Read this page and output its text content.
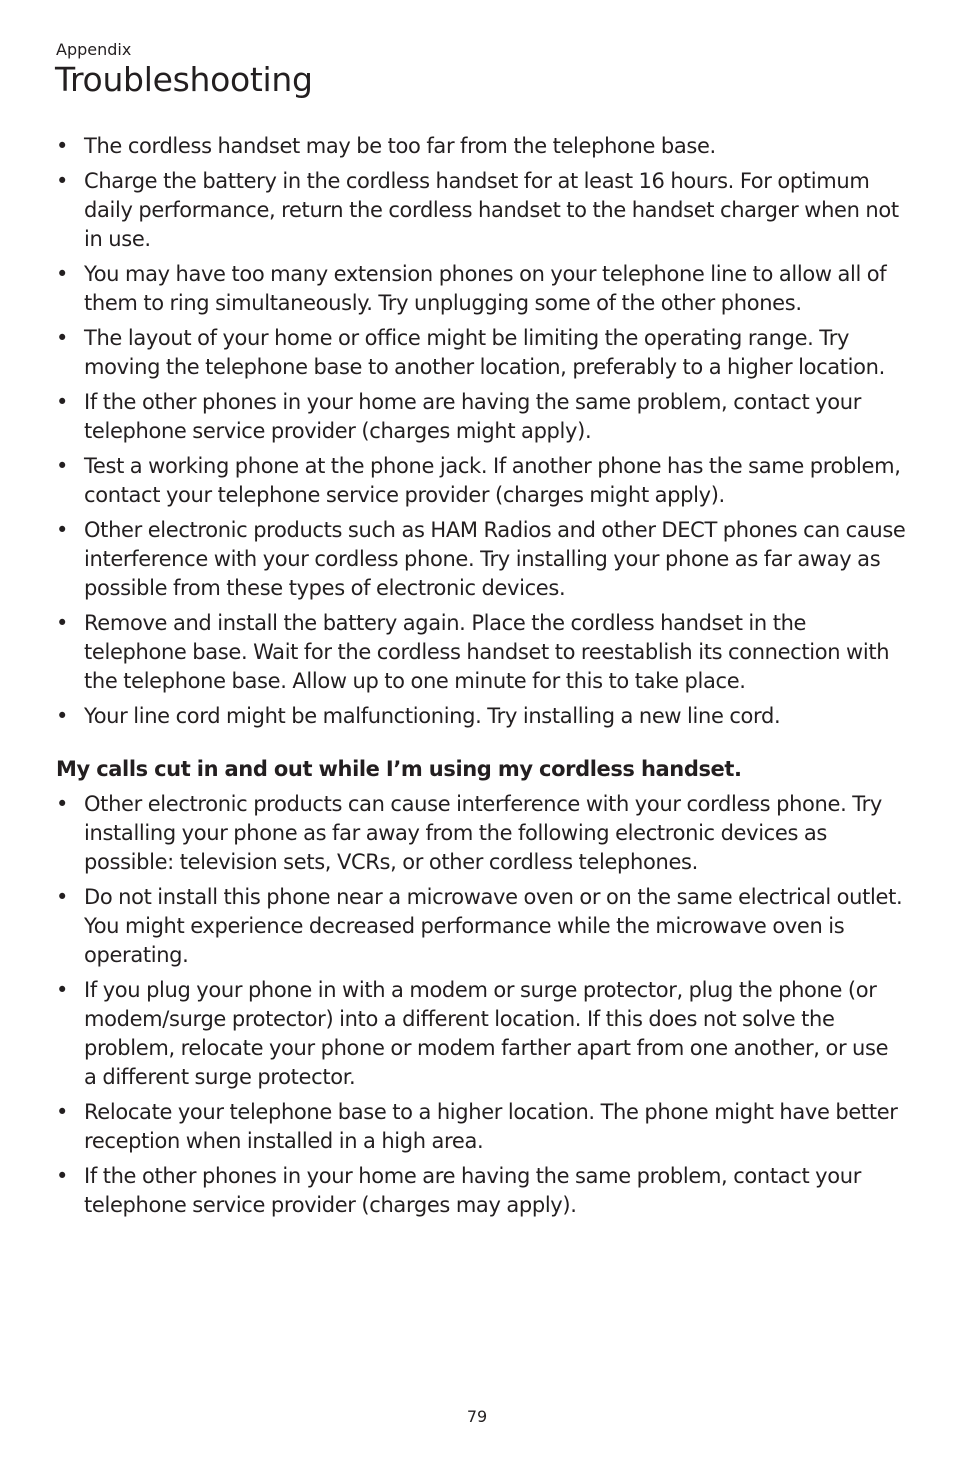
Appendix
Troubleshooting
• The cordless handset may be too far from the telephone base.
• Charge the battery in the cordless handset for at least 16 hours. For optimum daily performance, return the cordless handset to the handset charger when not in use.
• You may have too many extension phones on your telephone line to allow all of them to ring simultaneously. Try unplugging some of the other phones.
• The layout of your home or office might be limiting the operating range. Try moving the telephone base to another location, preferably to a higher location.
• If the other phones in your home are having the same problem, contact your telephone service provider (charges might apply).
• Test a working phone at the phone jack. If another phone has the same problem, contact your telephone service provider (charges might apply).
• Other electronic products such as HAM Radios and other DECT phones can cause interference with your cordless phone. Try installing your phone as far away as possible from these types of electronic devices.
• Remove and install the battery again. Place the cordless handset in the telephone base. Wait for the cordless handset to reestablish its connection with the telephone base. Allow up to one minute for this to take place.
• Your line cord might be malfunctioning. Try installing a new line cord.
My calls cut in and out while I’m using my cordless handset.
• Other electronic products can cause interference with your cordless phone. Try installing your phone as far away from the following electronic devices as possible: television sets, VCRs, or other cordless telephones.
• Do not install this phone near a microwave oven or on the same electrical outlet. You might experience decreased performance while the microwave oven is operating.
• If you plug your phone in with a modem or surge protector, plug the phone (or modem/surge protector) into a different location. If this does not solve the problem, relocate your phone or modem farther apart from one another, or use a different surge protector.
• Relocate your telephone base to a higher location. The phone might have better reception when installed in a high area.
• If the other phones in your home are having the same problem, contact your telephone service provider (charges may apply).
79
